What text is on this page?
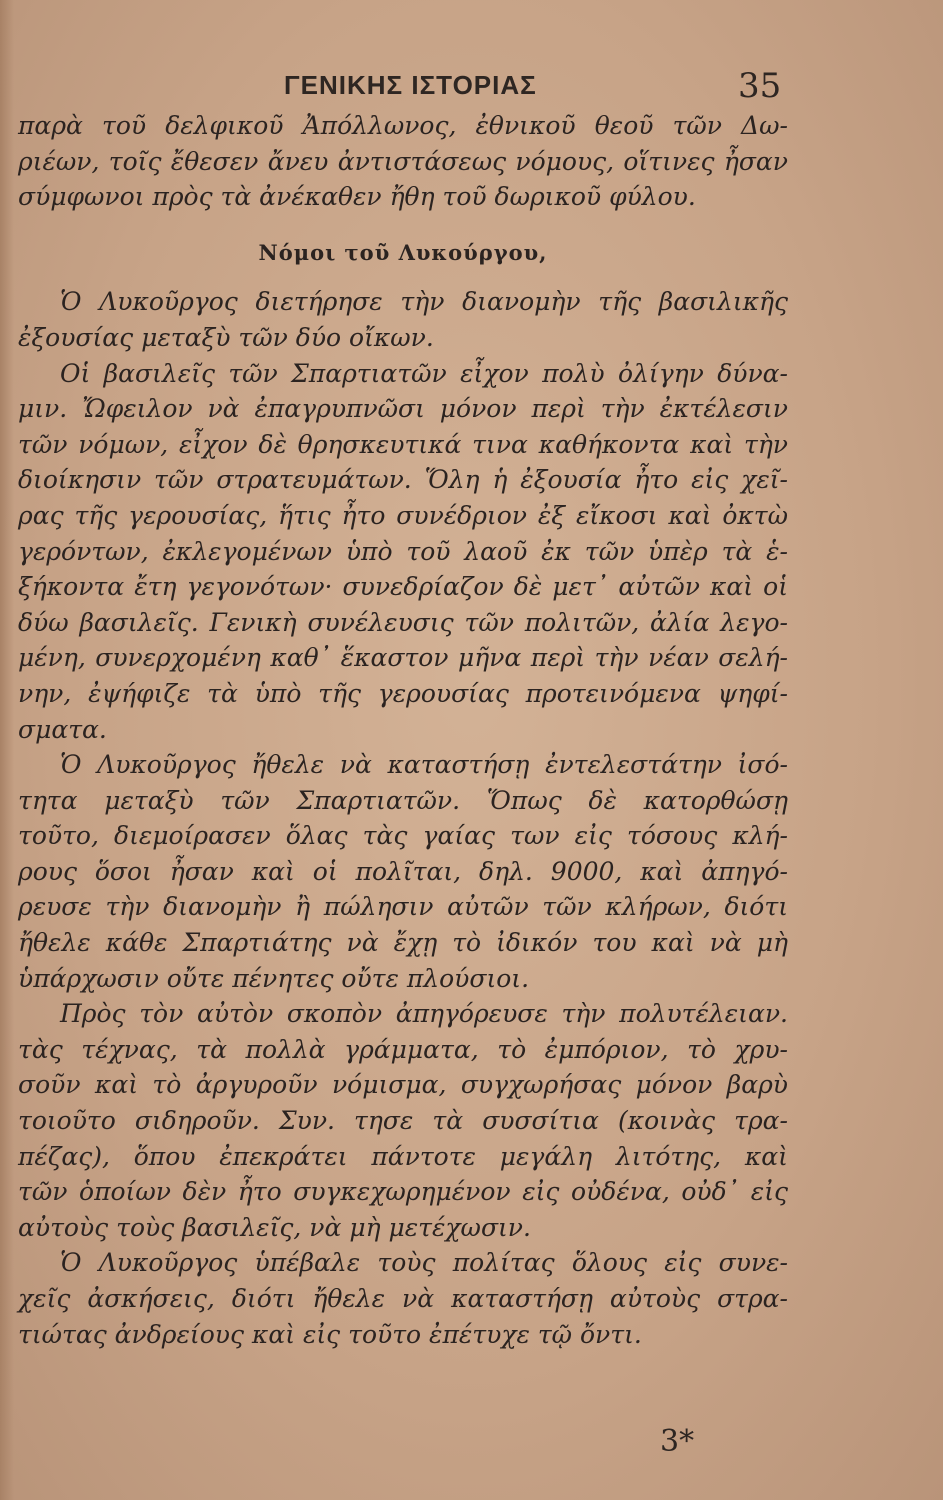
ΓΕΝΙΚΗΣ ΙΣΤΟΡΙΑΣ	35
παρὰ τοῦ δελφικοῦ Ἀπόλλωνος, ἐθνικοῦ θεοῦ τῶν Δω-
ριέων, τοῖς ἔθεσεν ἄνευ ἀντιστάσεως νόμους, οἵτινες ἦσαν
σύμφωνοι πρὸς τὰ ἀνέκαθεν ἤθη τοῦ δωρικοῦ φύλου.
Νόμοι τοῦ Λυκούργου,
Ὁ Λυκοῦργος διετήρησε τὴν διανομὴν τῆς βασιλικῆς
ἐξουσίας μεταξὺ τῶν δύο οἴκων.
Οἱ βασιλεῖς τῶν Σπαρτιατῶν εἶχον πολὺ ὀλίγην δύνα-
μιν. Ὤφειλον νὰ ἐπαγρυπνῶσι μόνον περὶ τὴν ἐκτέλεσιν
τῶν νόμων, εἶχον δὲ θρησκευτικά τινα καθήκοντα καὶ τὴν
διοίκησιν τῶν στρατευμάτων. Ὅλη ἡ ἐξουσία ἦτο εἰς χεῖ-
ρας τῆς γερουσίας, ἥτις ἦτο συνέδριον ἐξ εἴκοσι καὶ ὀκτὼ
γερόντων, ἐκλεγομένων ὑπὸ τοῦ λαοῦ ἐκ τῶν ὑπὲρ τὰ ἑ-
ξήκοντα ἔτη γεγονότων· συνεδρίαζον δὲ μετ᾽ αὐτῶν καὶ οἱ
δύω βασιλεῖς. Γενικὴ συνέλευσις τῶν πολιτῶν, ἀλία λεγο-
μένη, συνερχομένη καθ᾽ ἕκαστον μῆνα περὶ τὴν νέαν σελή-
νην, ἐψήφιζε τὰ ὑπὸ τῆς γερουσίας προτεινόμενα ψηφί-
σματα.
Ὁ Λυκοῦργος ἤθελε νὰ καταστήσῃ ἐντελεστάτην ἰσό-
τητα μεταξὺ τῶν Σπαρτιατῶν. Ὅπως δὲ κατορθώσῃ
τοῦτο, διεμοίρασεν ὅλας τὰς γαίας των εἰς τόσους κλή-
ρους ὅσοι ἦσαν καὶ οἱ πολῖται, δηλ. 9000, καὶ ἀπηγό-
ρευσε τὴν διανομὴν ἢ πώλησιν αὐτῶν τῶν κλήρων, διότι
ἤθελε κάθε Σπαρτιάτης νὰ ἔχῃ τὸ ἰδικόν του καὶ νὰ μὴ
ὑπάρχωσιν οὔτε πένητες οὔτε πλούσιοι.
Πρὸς τὸν αὐτὸν σκοπὸν ἀπηγόρευσε τὴν πολυτέλειαν.
τὰς τέχνας, τὰ πολλὰ γράμματα, τὸ ἐμπόριον, τὸ χρυ-
σοῦν καὶ τὸ ἀργυροῦν νόμισμα, συγχωρήσας μόνον βαρὺ
τοιοῦτο σιδηροῦν. Συν. τησε τὰ συσσίτια (κοινὰς τρα-
πέζας), ὅπου ἐπεκράτει πάντοτε μεγάλη λιτότης, καὶ
τῶν ὁποίων δὲν ἦτο συγκεχωρημένον εἰς οὐδένα, οὐδ᾽ εἰς
αὐτοὺς τοὺς βασιλεῖς, νὰ μὴ μετέχωσιν.
Ὁ Λυκοῦργος ὑπέβαλε τοὺς πολίτας ὅλους εἰς συνε-
χεῖς ἀσκήσεις, διότι ἤθελε νὰ καταστήσῃ αὐτοὺς στρα-
τιώτας ἀνδρείους καὶ εἰς τοῦτο ἐπέτυχε τῷ ὄντι.
3*
